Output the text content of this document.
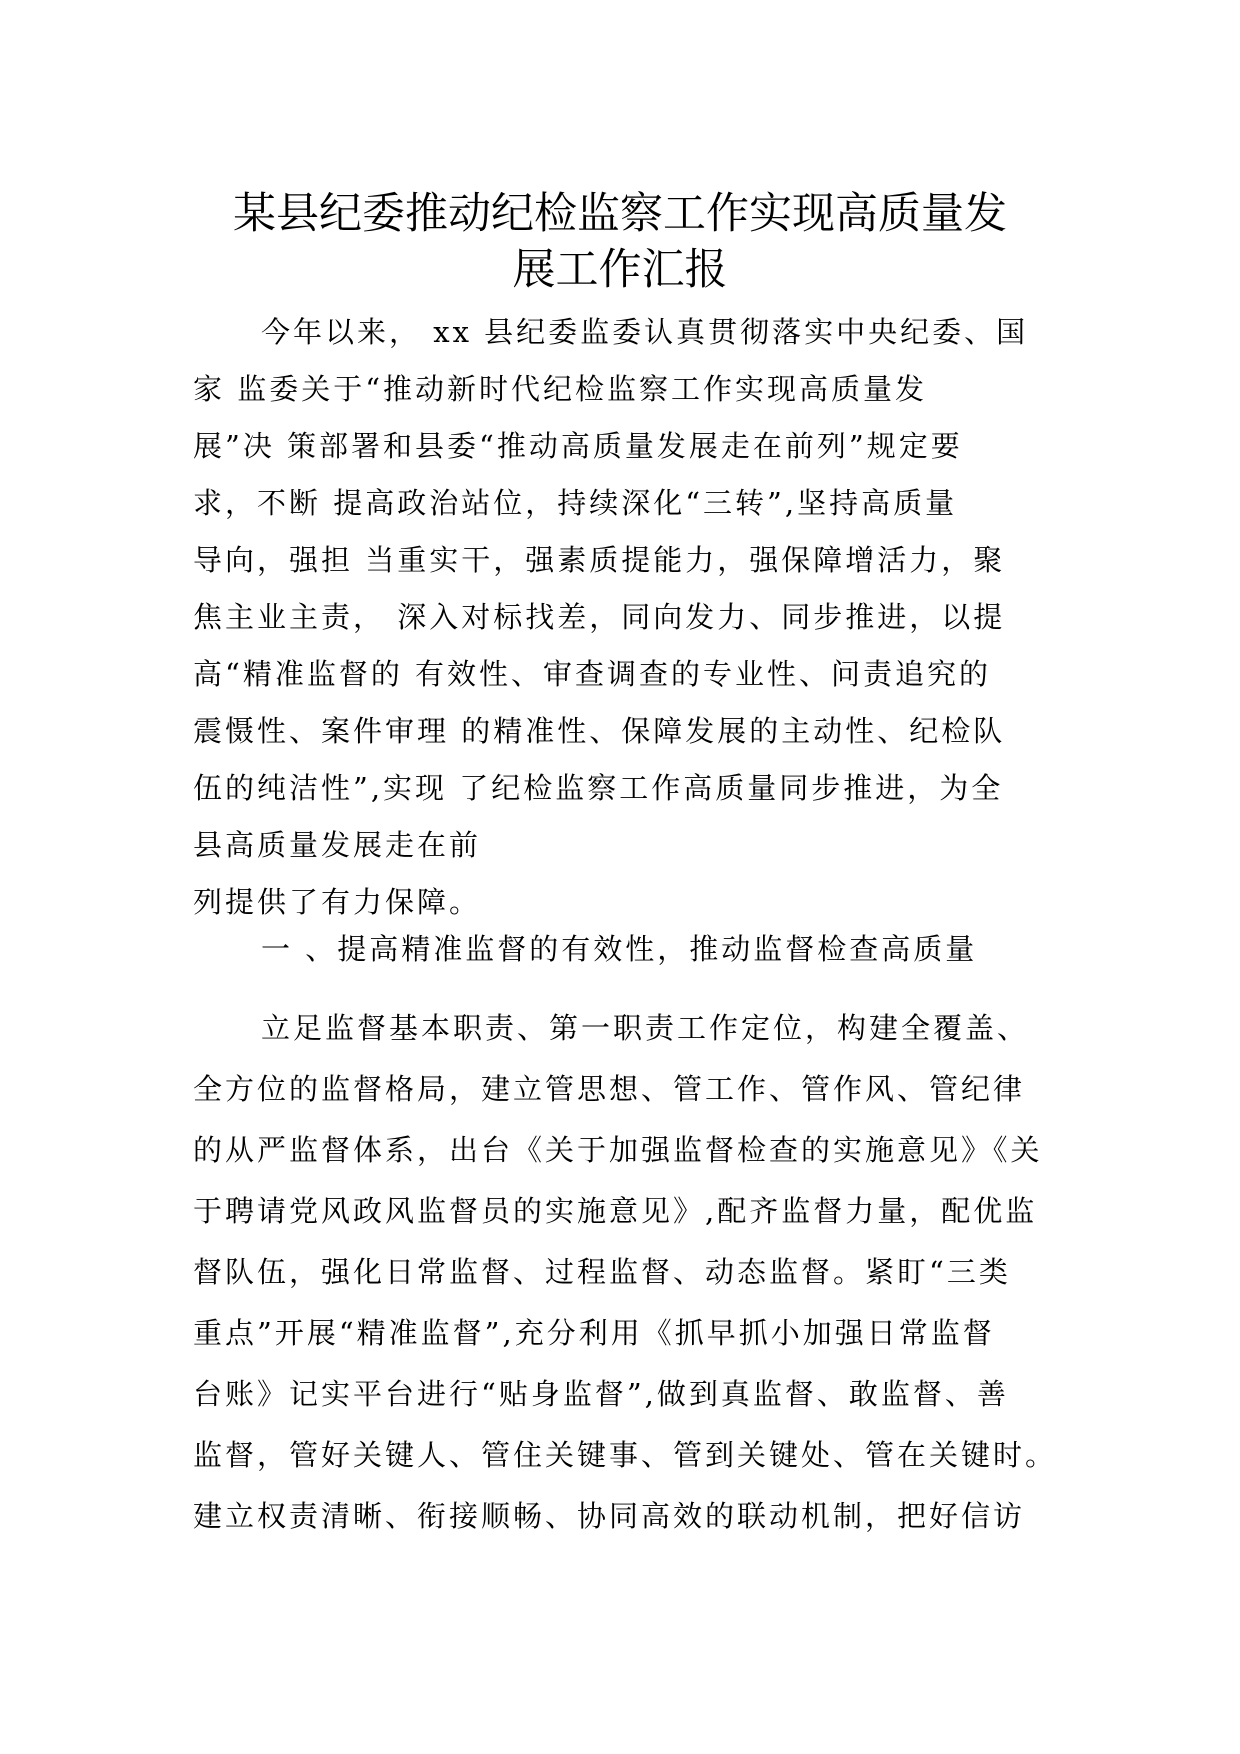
某县纪委推动纪检监察工作实现高质量发
展工作汇报
今年以来， xx 县纪委监委认真贯彻落实中央纪委、国
家 监委关于“推动新时代纪检监察工作实现高质量发
展”决 策部署和县委“推动高质量发展走在前列”规定要
求，不断 提高政治站位，持续深化“三转”,坚持高质量
导向，强担 当重实干，强素质提能力，强保障增活力，聚
焦主业主责， 深入对标找差，同向发力、同步推进，以提
高“精准监督的 有效性、审查调查的专业性、问责追究的
震慑性、案件审理 的精准性、保障发展的主动性、纪检队
伍的纯洁性”,实现 了纪检监察工作高质量同步推进，为全
县高质量发展走在前
列提供了有力保障。
一 、提高精准监督的有效性，推动监督检查高质量
立足监督基本职责、第一职责工作定位，构建全覆盖、
全方位的监督格局，建立管思想、管工作、管作风、管纪律
的从严监督体系，出台《关于加强监督检查的实施意见》《关
于聘请党风政风监督员的实施意见》,配齐监督力量，配优监
督队伍，强化日常监督、过程监督、动态监督。紧盯“三类
重点”开展“精准监督”,充分利用《抓早抓小加强日常监督
台账》记实平台进行“贴身监督”,做到真监督、敢监督、善
监督，管好关键人、管住关键事、管到关键处、管在关键时。
建立权责清晰、衔接顺畅、协同高效的联动机制，把好信访
